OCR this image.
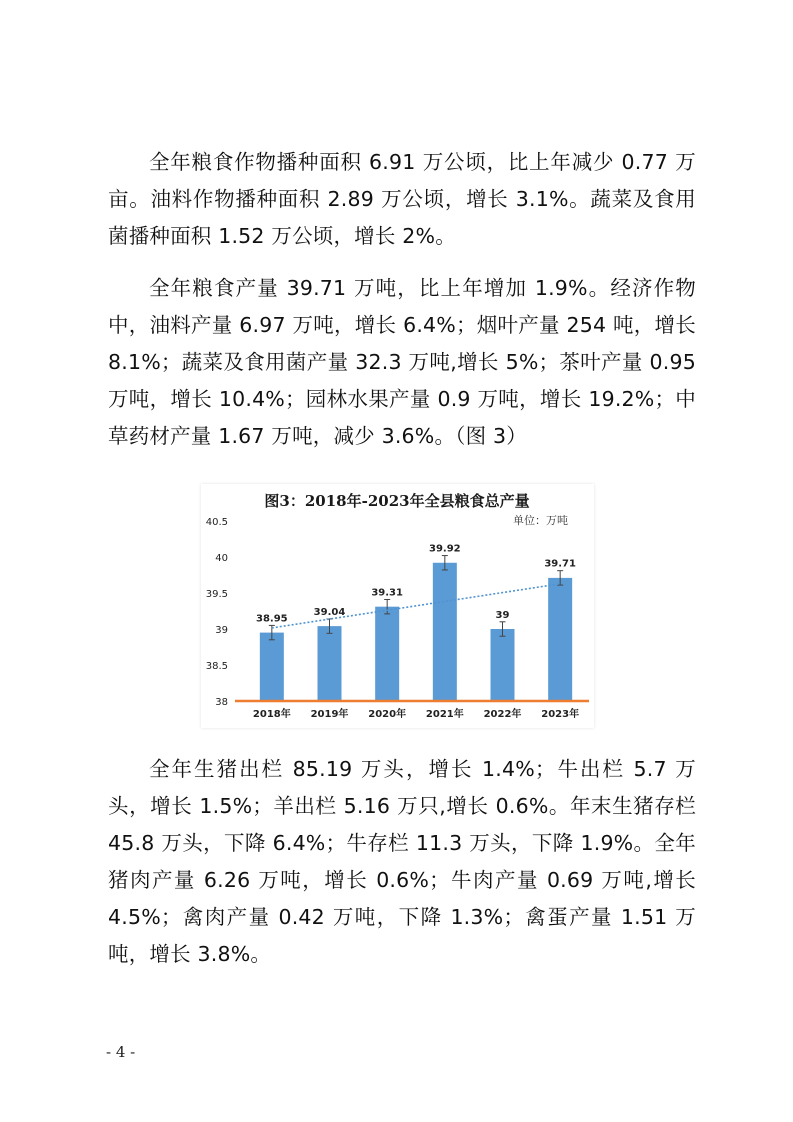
全年粮食作物播种面积 6.91 万公顷，比上年减少 0.77 万亩。油料作物播种面积 2.89 万公顷，增长 3.1%。蔬菜及食用菌播种面积 1.52 万公顷，增长 2%。

全年粮食产量 39.71 万吨，比上年增加 1.9%。经济作物中，油料产量 6.97 万吨，增长 6.4%；烟叶产量 254 吨，增长 8.1%；蔬菜及食用菌产量 32.3 万吨,增长 5%；茶叶产量 0.95 万吨，增长 10.4%；园林水果产量 0.9 万吨，增长 19.2%；中草药材产量 1.67 万吨，减少 3.6%。（图 3）

图3：2018年-2023年全县粮食总产量
单位：万吨
38
38.5
39
39.5
40
40.5
38.95
2018年
39.04
2019年
39.31
2020年
39.92
2021年
39
2022年
39.71
2023年

全年生猪出栏 85.19 万头，增长 1.4%；牛出栏 5.7 万头，增长 1.5%；羊出栏 5.16 万只,增长 0.6%。年末生猪存栏 45.8 万头，下降 6.4%；牛存栏 11.3 万头，下降 1.9%。全年猪肉产量 6.26 万吨，增长 0.6%；牛肉产量 0.69 万吨,增长 4.5%；禽肉产量 0.42 万吨，下降 1.3%；禽蛋产量 1.51 万吨，增长 3.8%。

- 4 -
